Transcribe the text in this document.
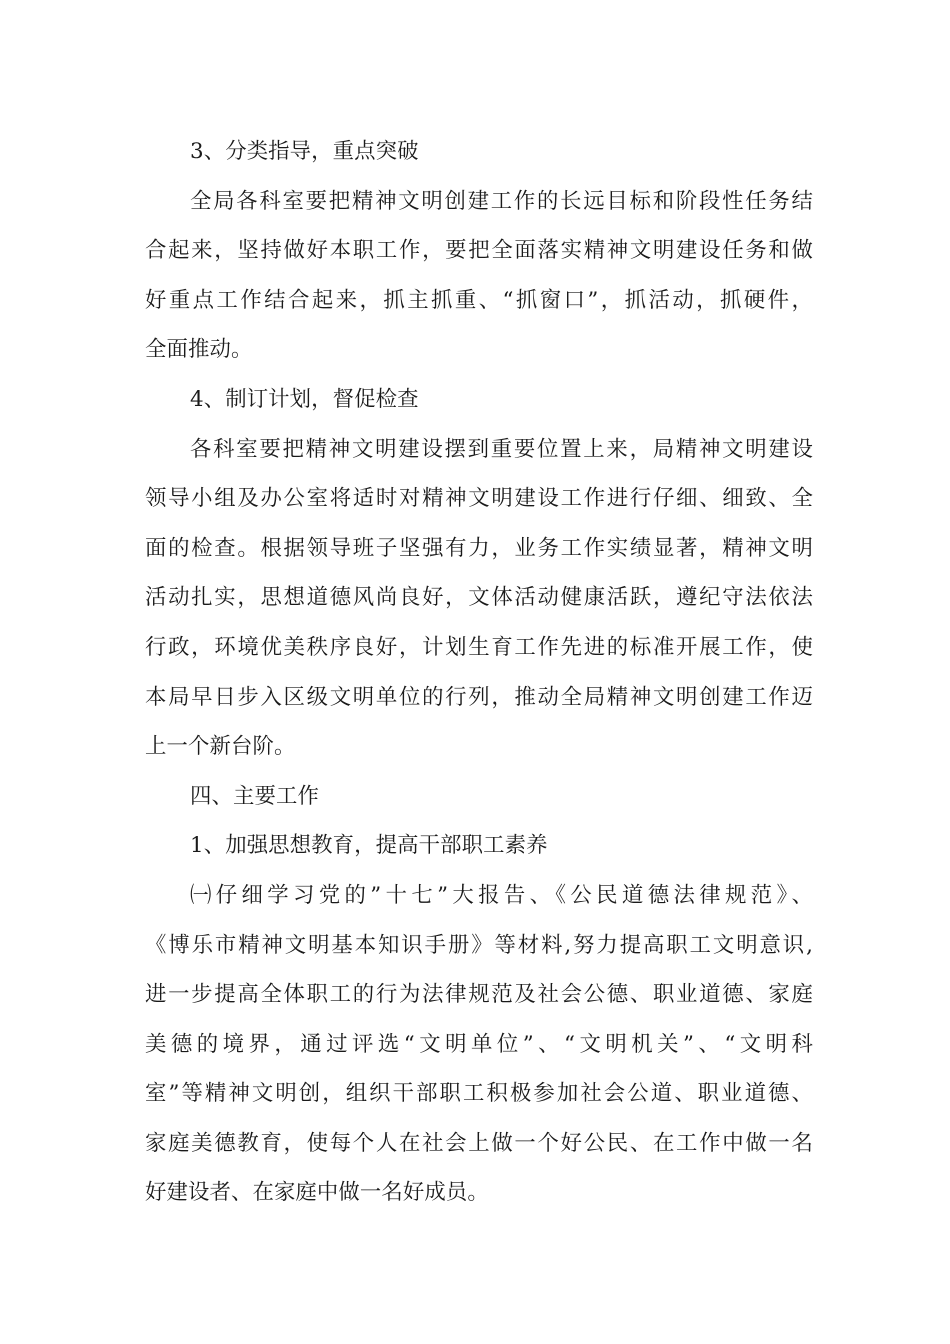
3、分类指导，重点突破
全局各科室要把精神文明创建工作的长远目标和阶段性任务结
合起来，坚持做好本职工作，要把全面落实精神文明建设任务和做
好重点工作结合起来，抓主抓重、“抓窗口”，抓活动，抓硬件，
全面推动。
4、制订计划，督促检查
各科室要把精神文明建设摆到重要位置上来，局精神文明建设
领导小组及办公室将适时对精神文明建设工作进行仔细、细致、全
面的检查。根据领导班子坚强有力，业务工作实绩显著，精神文明
活动扎实，思想道德风尚良好，文体活动健康活跃，遵纪守法依法
行政，环境优美秩序良好，计划生育工作先进的标准开展工作，使
本局早日步入区级文明单位的行列，推动全局精神文明创建工作迈
上一个新台阶。
四、主要工作
1、加强思想教育，提高干部职工素养
㈠仔细学习党的”十七”大报告、《公民道德法律规范》、
《博乐市精神文明基本知识手册》等材料,努力提高职工文明意识,
进一步提高全体职工的行为法律规范及社会公德、职业道德、家庭
美德的境界，通过评选“文明单位”、“文明机关”、“文明科
室”等精神文明创，组织干部职工积极参加社会公道、职业道德、
家庭美德教育，使每个人在社会上做一个好公民、在工作中做一名
好建设者、在家庭中做一名好成员。
